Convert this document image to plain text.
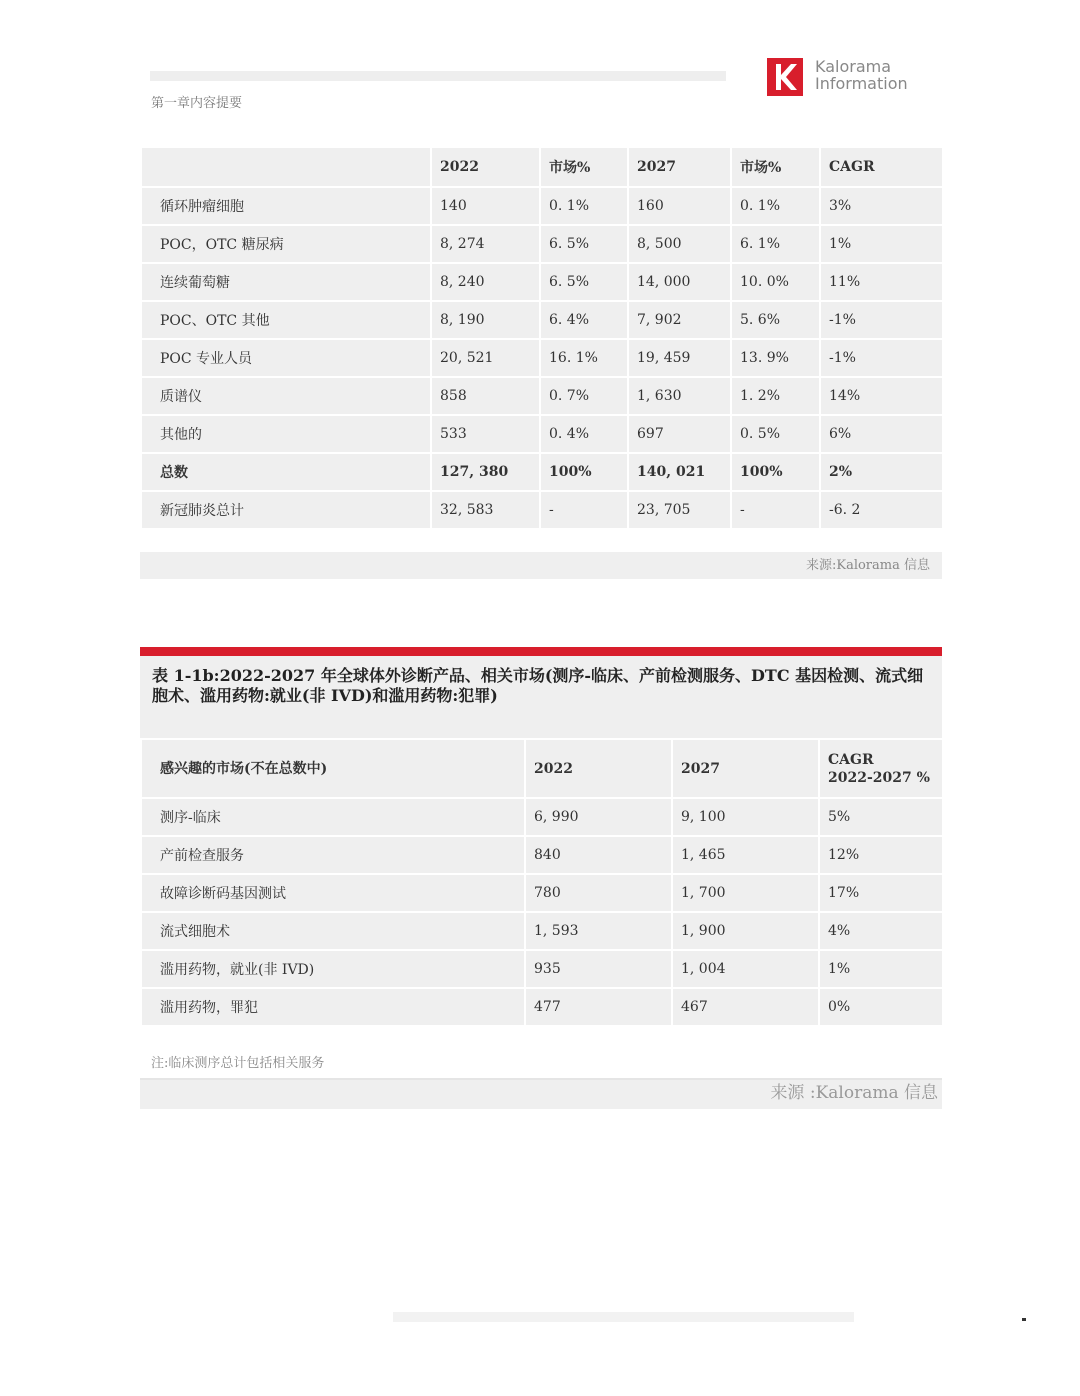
第一章内容提要
Kalorama
Information
	2022	市场%	2027	市场%	CAGR
循环肿瘤细胞	140	0. 1%	160	0. 1%	3%
POC，OTC 糖尿病	8, 274	6. 5%	8, 500	6. 1%	1%
连续葡萄糖	8, 240	6. 5%	14, 000	10. 0%	11%
POC、OTC 其他	8, 190	6. 4%	7, 902	5. 6%	-1%
POC 专业人员	20, 521	16. 1%	19, 459	13. 9%	-1%
质谱仪	858	0. 7%	1, 630	1. 2%	14%
其他的	533	0. 4%	697	0. 5%	6%
总数	127, 380	100%	140, 021	100%	2%
新冠肺炎总计	32, 583	-	23, 705	-	-6. 2
来源:Kalorama 信息
表 1-1b:2022-2027 年全球体外诊断产品、相关市场(测序-临床、产前检测服务、DTC 基因检测、流式细胞术、滥用药物:就业(非 IVD)和滥用药物:犯罪)
感兴趣的市场(不在总数中)	2022	2027	CAGR
2022-2027 %

测序-临床	6, 990	9, 100	5%
产前检查服务	840	1, 465	12%
故障诊断码基因测试	780	1, 700	17%
流式细胞术	1, 593	1, 900	4%
滥用药物，就业(非 IVD)	935	1, 004	1%
滥用药物，罪犯	477	467	0%
注:临床测序总计包括相关服务
来源 :Kalorama 信息
